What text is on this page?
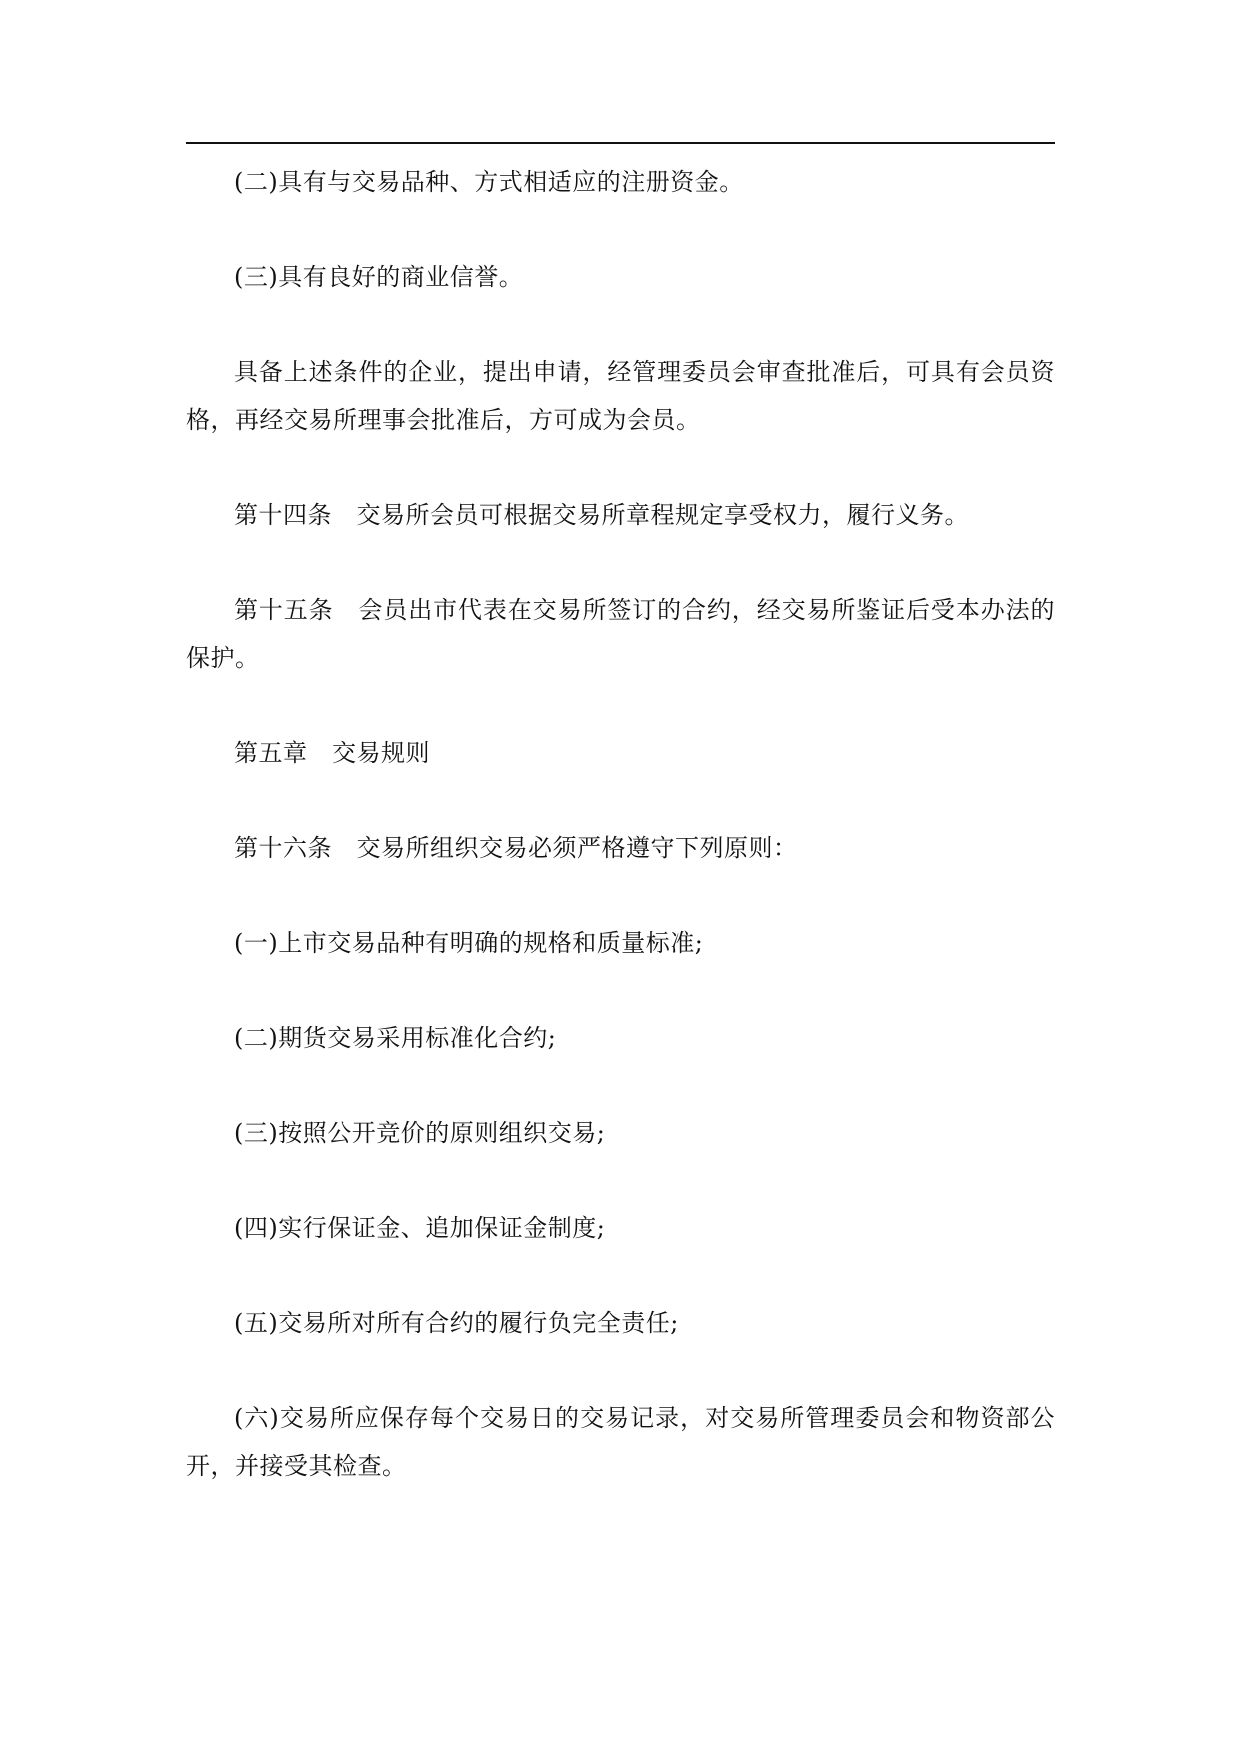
(二)具有与交易品种、方式相适应的注册资金。

(三)具有良好的商业信誉。

具备上述条件的企业，提出申请，经管理委员会审查批准后，可具有会员资格，再经交易所理事会批准后，方可成为会员。

第十四条　交易所会员可根据交易所章程规定享受权力，履行义务。

第十五条　会员出市代表在交易所签订的合约，经交易所鉴证后受本办法的保护。

第五章　交易规则

第十六条　交易所组织交易必须严格遵守下列原则：

(一)上市交易品种有明确的规格和质量标准;

(二)期货交易采用标准化合约;

(三)按照公开竞价的原则组织交易;

(四)实行保证金、追加保证金制度;

(五)交易所对所有合约的履行负完全责任;

(六)交易所应保存每个交易日的交易记录，对交易所管理委员会和物资部公开，并接受其检查。
